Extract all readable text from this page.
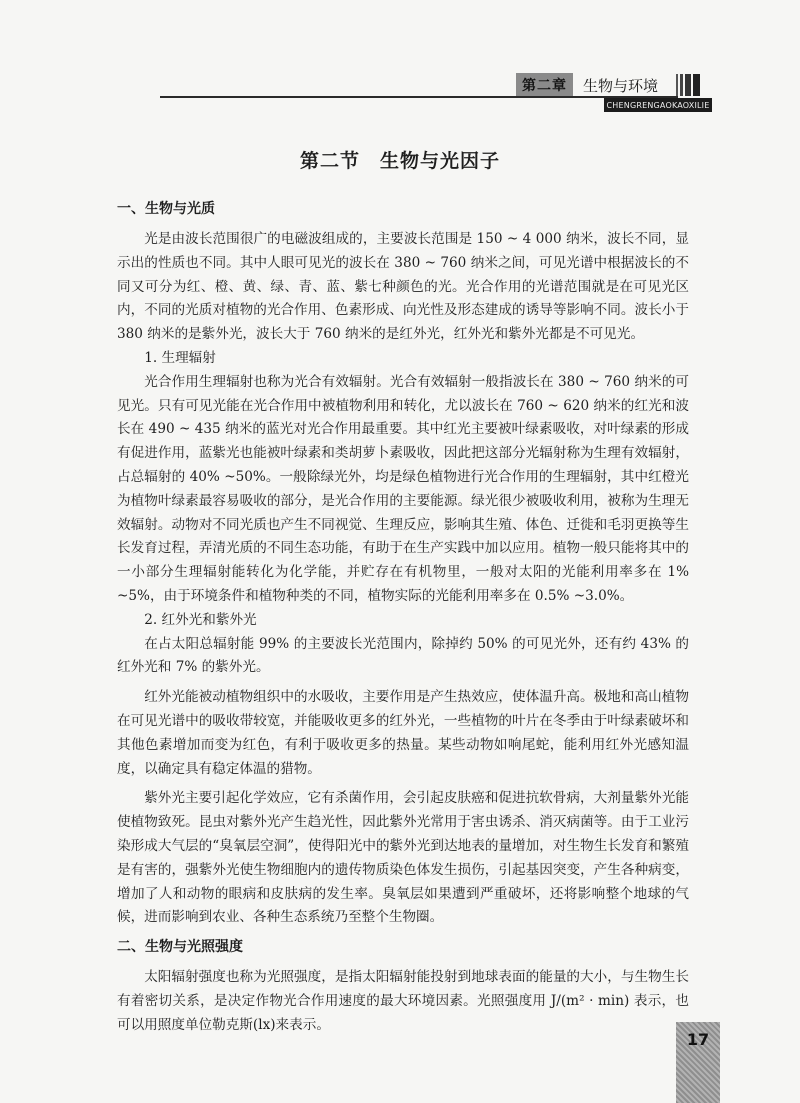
第二章	生物与环境
CHENGRENGAOKAOXILIE
第二节　生物与光因子
一、生物与光质

光是由波长范围很广的电磁波组成的，主要波长范围是 150 ~ 4 000 纳米，波长不同，显示出的性质也不同。其中人眼可见光的波长在 380 ~ 760 纳米之间，可见光谱中根据波长的不同又可分为红、橙、黄、绿、青、蓝、紫七种颜色的光。光合作用的光谱范围就是在可见光区内，不同的光质对植物的光合作用、色素形成、向光性及形态建成的诱导等影响不同。波长小于 380 纳米的是紫外光，波长大于 760 纳米的是红外光，红外光和紫外光都是不可见光。

1. 生理辐射

光合作用生理辐射也称为光合有效辐射。光合有效辐射一般指波长在 380 ~ 760 纳米的可见光。只有可见光能在光合作用中被植物利用和转化，尤以波长在 760 ~ 620 纳米的红光和波长在 490 ~ 435 纳米的蓝光对光合作用最重要。其中红光主要被叶绿素吸收，对叶绿素的形成有促进作用，蓝紫光也能被叶绿素和类胡萝卜素吸收，因此把这部分光辐射称为生理有效辐射，占总辐射的 40% ~50%。一般除绿光外，均是绿色植物进行光合作用的生理辐射，其中红橙光为植物叶绿素最容易吸收的部分，是光合作用的主要能源。绿光很少被吸收利用，被称为生理无效辐射。动物对不同光质也产生不同视觉、生理反应，影响其生殖、体色、迁徙和毛羽更换等生长发育过程，弄清光质的不同生态功能，有助于在生产实践中加以应用。植物一般只能将其中的一小部分生理辐射能转化为化学能，并贮存在有机物里，一般对太阳的光能利用率多在 1% ~5%，由于环境条件和植物种类的不同，植物实际的光能利用率多在 0.5% ~3.0%。

2. 红外光和紫外光

在占太阳总辐射能 99% 的主要波长光范围内，除掉约 50% 的可见光外，还有约 43% 的红外光和 7% 的紫外光。

红外光能被动植物组织中的水吸收，主要作用是产生热效应，使体温升高。极地和高山植物在可见光谱中的吸收带较宽，并能吸收更多的红外光，一些植物的叶片在冬季由于叶绿素破坏和其他色素增加而变为红色，有利于吸收更多的热量。某些动物如响尾蛇，能利用红外光感知温度，以确定具有稳定体温的猎物。

紫外光主要引起化学效应，它有杀菌作用，会引起皮肤癌和促进抗软骨病，大剂量紫外光能使植物致死。昆虫对紫外光产生趋光性，因此紫外光常用于害虫诱杀、消灭病菌等。由于工业污染形成大气层的“臭氧层空洞”，使得阳光中的紫外光到达地表的量增加，对生物生长发育和繁殖是有害的，强紫外光使生物细胞内的遗传物质染色体发生损伤，引起基因突变，产生各种病变，增加了人和动物的眼病和皮肤病的发生率。臭氧层如果遭到严重破坏，还将影响整个地球的气候，进而影响到农业、各种生态系统乃至整个生物圈。

二、生物与光照强度

太阳辐射强度也称为光照强度，是指太阳辐射能投射到地球表面的能量的大小，与生物生长有着密切关系，是决定作物光合作用速度的最大环境因素。光照强度用 J/(m² · min) 表示，也可以用照度单位勒克斯(lx)来表示。

17
